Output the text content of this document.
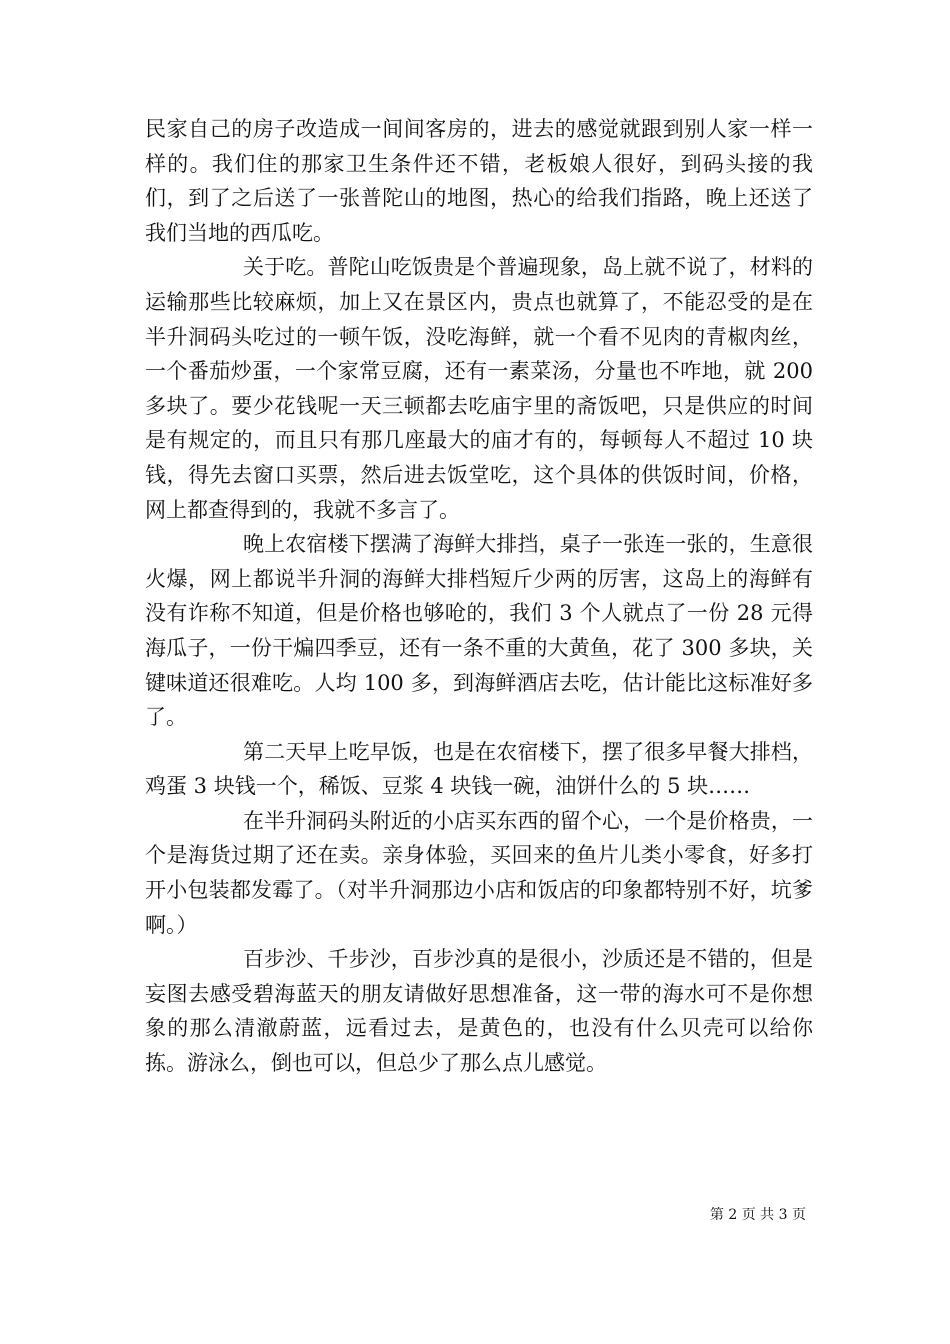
民家自己的房子改造成一间间客房的，进去的感觉就跟到别人家一样一样的。我们住的那家卫生条件还不错，老板娘人很好，到码头接的我们，到了之后送了一张普陀山的地图，热心的给我们指路，晚上还送了我们当地的西瓜吃。

关于吃。普陀山吃饭贵是个普遍现象，岛上就不说了，材料的运输那些比较麻烦，加上又在景区内，贵点也就算了，不能忍受的是在半升洞码头吃过的一顿午饭，没吃海鲜，就一个看不见肉的青椒肉丝，一个番茄炒蛋，一个家常豆腐，还有一素菜汤，分量也不咋地，就 200 多块了。要少花钱呢一天三顿都去吃庙宇里的斋饭吧，只是供应的时间是有规定的，而且只有那几座最大的庙才有的，每顿每人不超过 10 块钱，得先去窗口买票，然后进去饭堂吃，这个具体的供饭时间，价格，网上都查得到的，我就不多言了。

晚上农宿楼下摆满了海鲜大排挡，桌子一张连一张的，生意很火爆，网上都说半升洞的海鲜大排档短斤少两的厉害，这岛上的海鲜有没有诈称不知道，但是价格也够呛的，我们 3 个人就点了一份 28 元得海瓜子，一份干煸四季豆，还有一条不重的大黄鱼，花了 300 多块，关键味道还很难吃。人均 100 多，到海鲜酒店去吃，估计能比这标准好多了。

第二天早上吃早饭，也是在农宿楼下，摆了很多早餐大排档，鸡蛋 3 块钱一个，稀饭、豆浆 4 块钱一碗，油饼什么的 5 块……

在半升洞码头附近的小店买东西的留个心，一个是价格贵，一个是海货过期了还在卖。亲身体验，买回来的鱼片儿类小零食，好多打开小包装都发霉了。（对半升洞那边小店和饭店的印象都特别不好，坑爹啊。）

百步沙、千步沙，百步沙真的是很小，沙质还是不错的，但是妄图去感受碧海蓝天的朋友请做好思想准备，这一带的海水可不是你想象的那么清澈蔚蓝，远看过去，是黄色的，也没有什么贝壳可以给你拣。游泳么，倒也可以，但总少了那么点儿感觉。

第 2 页 共 3 页
